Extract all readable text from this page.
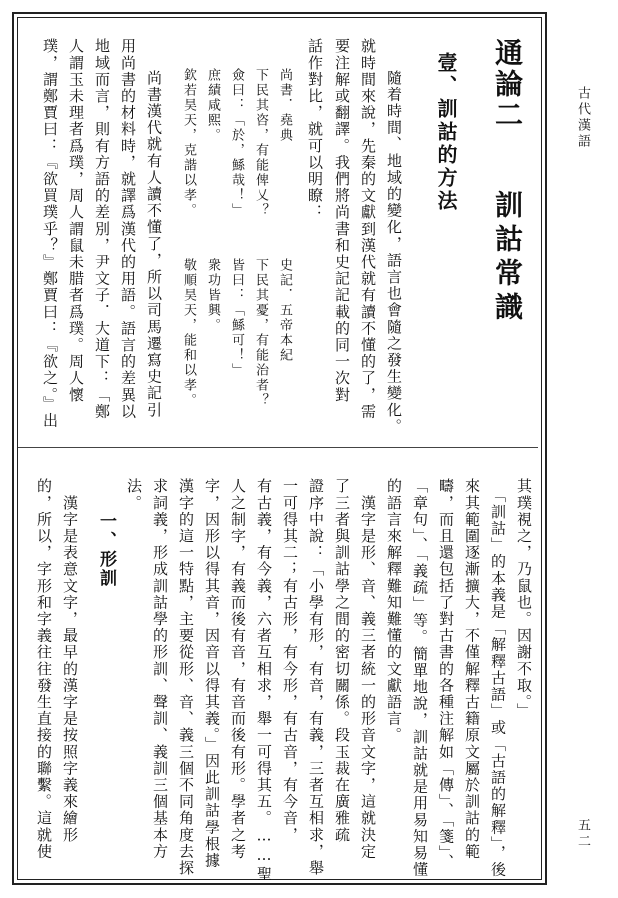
古代漢語
五二
通論二
訓詁常識
壹、訓詁的方法
　隨着時間、地域的變化，語言也會隨之發生變化。
就時間來說，先秦的文獻到漢代就有讀不懂的了，需
要注解或翻譯。我們將尚書和史記記載的同一次對
話作對比，就可以明瞭：
尚書．堯典
史記．五帝本紀
下民其咨，有能俾乂？
下民其憂，有能治者？
僉曰：「於，鯀哉！」
皆曰：「鯀可！」
庶績咸熙。
衆功皆興。
欽若昊天，克諧以孝。
敬順昊天，能和以孝。
　尚書漢代就有人讀不懂了，所以司馬遷寫史記引
用尚書的材料時，就譯爲漢代的用語。語言的差異以
地域而言，則有方語的差別，尹文子．大道下：「鄭
人謂玉未理者爲璞，周人謂鼠未腊者爲璞。周人懷
璞，謂鄭賈曰：『欲買璞乎？』鄭賈曰：『欲之。』出
其璞視之，乃鼠也。因謝不取。」
　「訓詁」的本義是「解釋古語」或「古語的解釋」，後
來其範圍逐漸擴大，不僅解釋古籍原文屬於訓詁的範
疇，而且還包括了對古書的各種注解如「傳」、「箋」、
「章句」、「義疏」等。簡單地說，訓詁就是用易知易懂
的語言來解釋難知難懂的文獻語言。
　漢字是形、音、義三者統一的形音文字，這就決定
了三者與訓詁學之間的密切關係。段玉裁在廣雅疏
證序中說：「小學有形，有音，有義，三者互相求，舉
一可得其二；有古形，有今形，有古音，有今音，
有古義，有今義，六者互相求，舉一可得其五。……聖
人之制字，有義而後有音，有音而後有形。學者之考
字，因形以得其音，因音以得其義。」因此訓詁學根據
漢字的這一特點，主要從形、音、義三個不同角度去探
求詞義，形成訓詁學的形訓、聲訓、義訓三個基本方
法。
一、形訓
　漢字是表意文字，最早的漢字是按照字義來繪形
的，所以，字形和字義往往發生直接的聯繫。這就使
